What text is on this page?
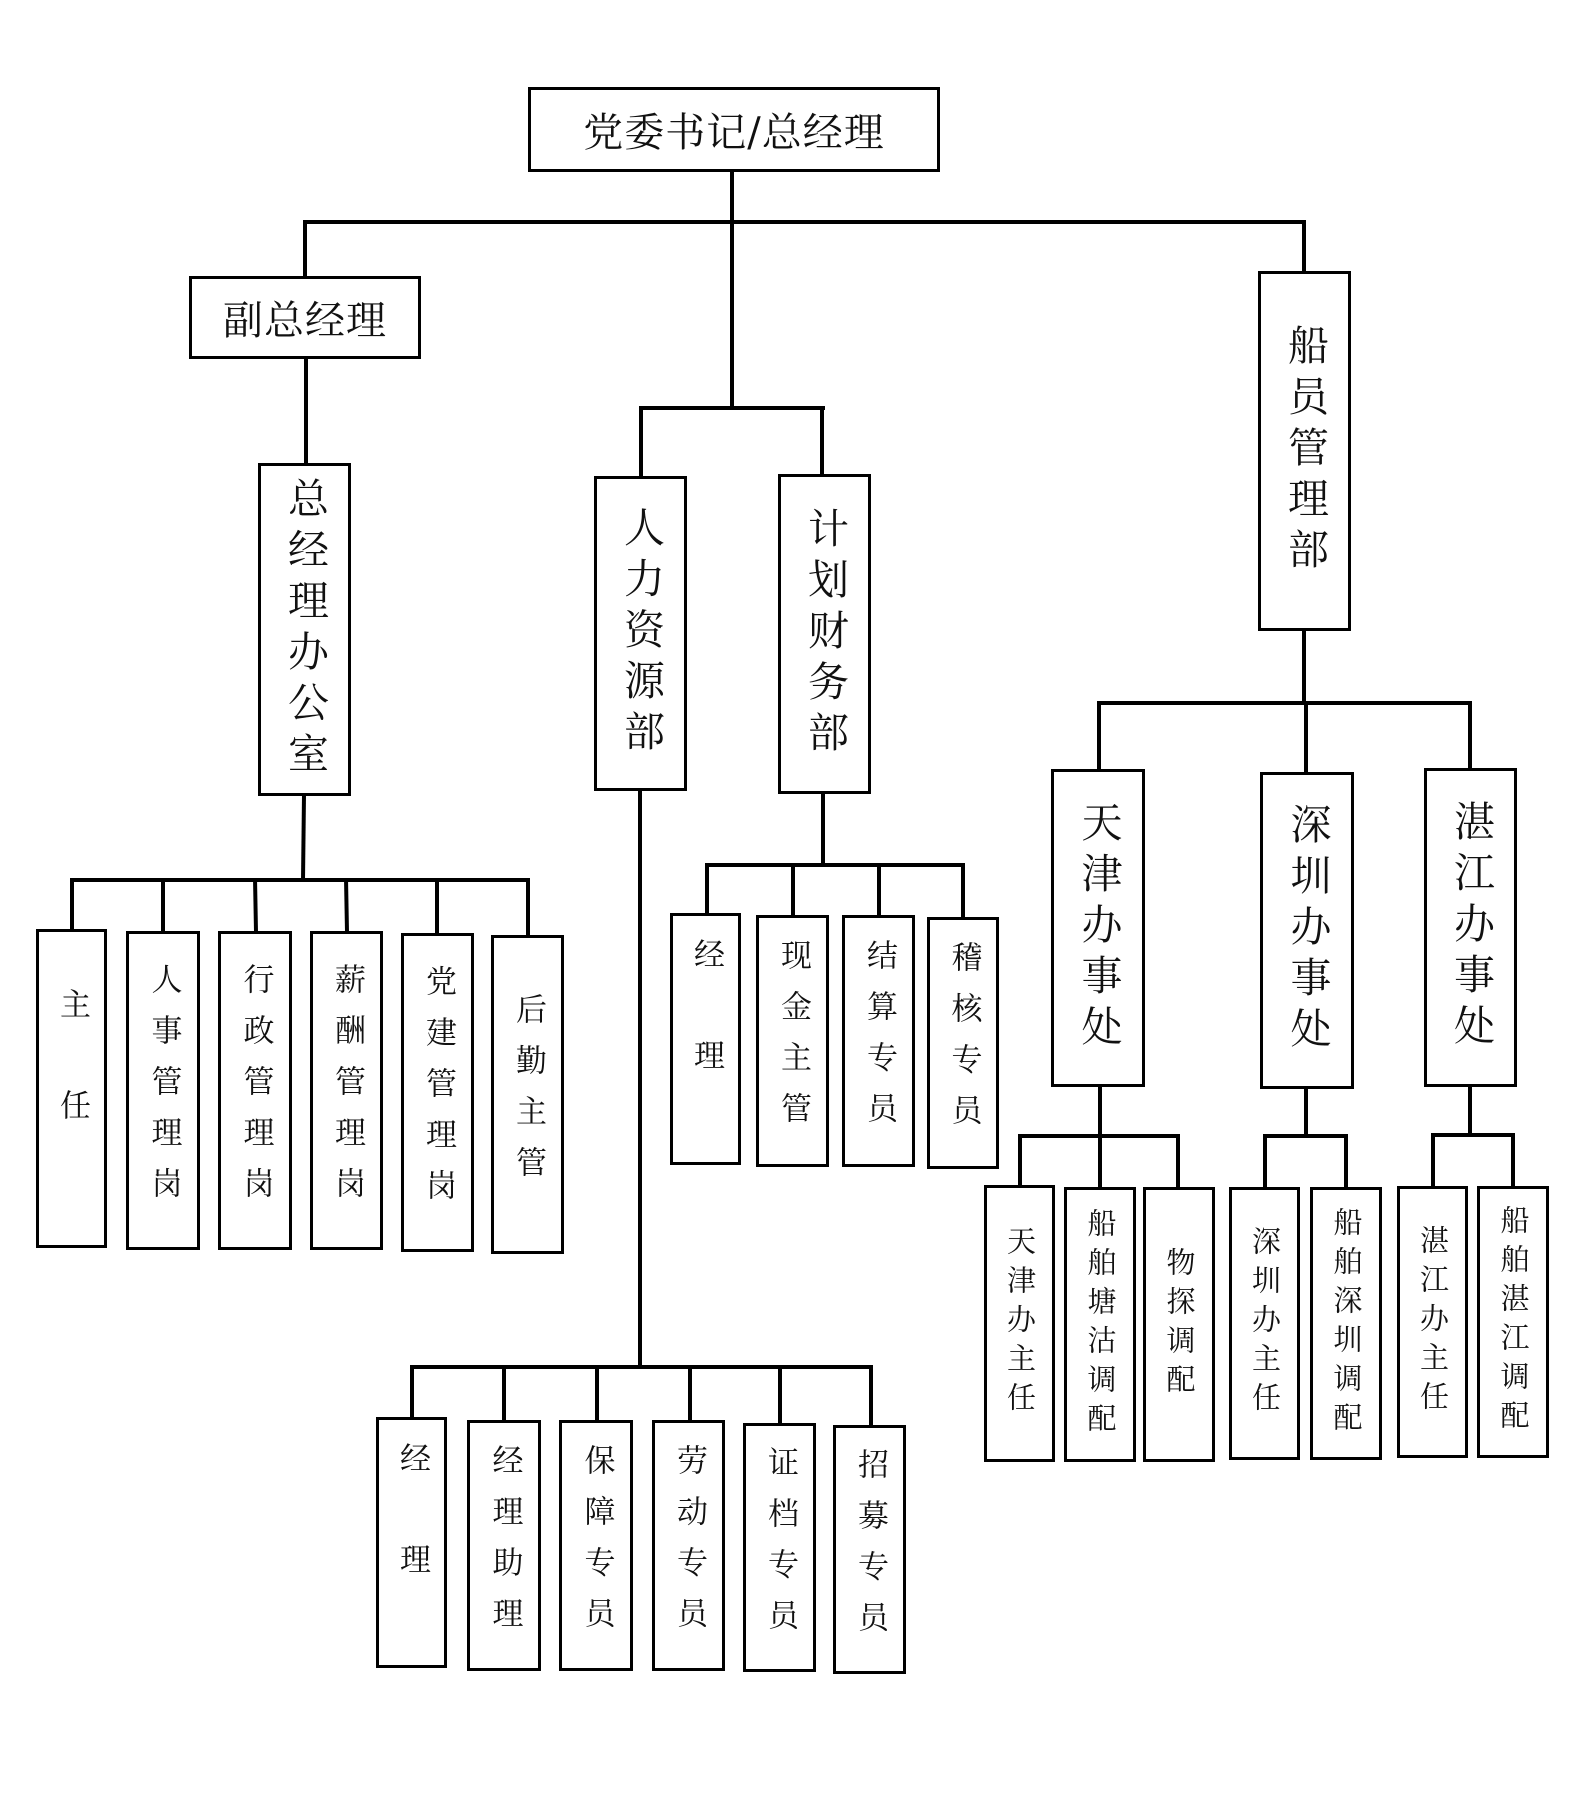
党委书记/总经理
副总经理
总经理办公室	人力资源部	计划财务部
船员管理部
天津办事处	深圳办事处	湛江办事处
主任	人事管理岗	行政管理岗	薪酬管理岗	党建管理岗	后勤主管	经理	现金主管	结算专员	稽核专员
经理	经理助理	保障专员	劳动专员	证档专员	招募专员
天津办主任	船舶塘沽调配	物探调配	深圳办主任	船舶深圳调配	湛江办主任	船舶湛江调配
